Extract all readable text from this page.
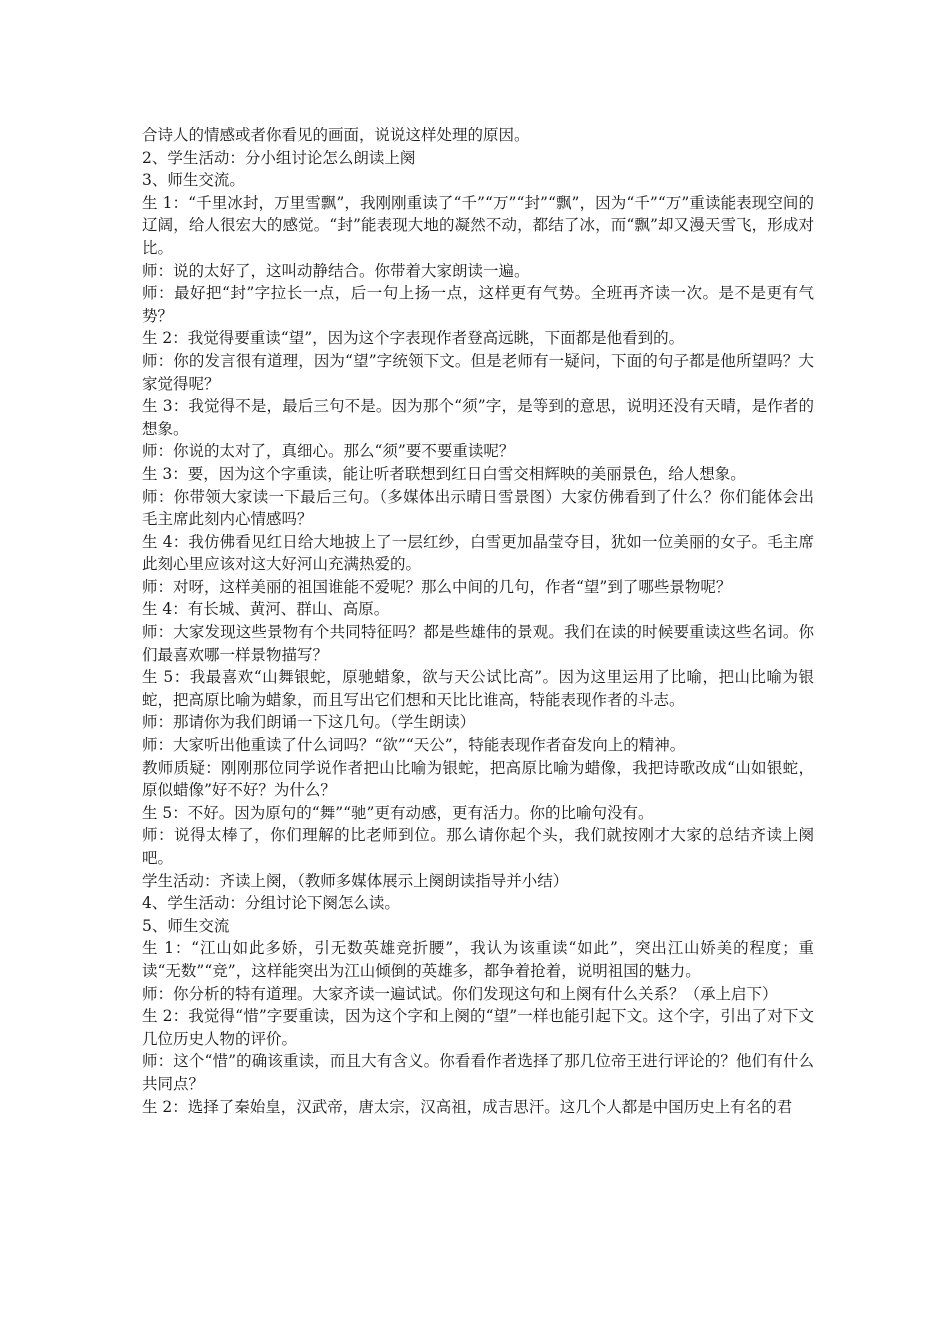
合诗人的情感或者你看见的画面，说说这样处理的原因。

2、学生活动：分小组讨论怎么朗读上阕

3、师生交流。

生 1：“千里冰封，万里雪飘”，我刚刚重读了“千”“万”“封”“飘”，因为“千”“万”重读能表现空间的辽阔，给人很宏大的感觉。“封”能表现大地的凝然不动，都结了冰，而“飘”却又漫天雪飞，形成对比。

师：说的太好了，这叫动静结合。你带着大家朗读一遍。

师：最好把“封”字拉长一点，后一句上扬一点，这样更有气势。全班再齐读一次。是不是更有气势？

生 2：我觉得要重读“望”，因为这个字表现作者登高远眺，下面都是他看到的。

师：你的发言很有道理，因为“望”字统领下文。但是老师有一疑问，下面的句子都是他所望吗？大家觉得呢？

生 3：我觉得不是，最后三句不是。因为那个“须”字，是等到的意思，说明还没有天晴，是作者的想象。

师：你说的太对了，真细心。那么“须”要不要重读呢？

生 3：要，因为这个字重读，能让听者联想到红日白雪交相辉映的美丽景色，给人想象。

师：你带领大家读一下最后三句。（多媒体出示晴日雪景图）大家仿佛看到了什么？你们能体会出毛主席此刻内心情感吗？

生 4：我仿佛看见红日给大地披上了一层红纱，白雪更加晶莹夺目，犹如一位美丽的女子。毛主席此刻心里应该对这大好河山充满热爱的。

师：对呀，这样美丽的祖国谁能不爱呢？那么中间的几句，作者“望”到了哪些景物呢？

生 4：有长城、黄河、群山、高原。

师：大家发现这些景物有个共同特征吗？都是些雄伟的景观。我们在读的时候要重读这些名词。你们最喜欢哪一样景物描写？

生 5：我最喜欢“山舞银蛇，原驰蜡象，欲与天公试比高”。因为这里运用了比喻，把山比喻为银蛇，把高原比喻为蜡象，而且写出它们想和天比比谁高，特能表现作者的斗志。

师：那请你为我们朗诵一下这几句。（学生朗读）

师：大家听出他重读了什么词吗？“欲”“天公”，特能表现作者奋发向上的精神。

教师质疑：刚刚那位同学说作者把山比喻为银蛇，把高原比喻为蜡像，我把诗歌改成“山如银蛇，原似蜡像”好不好？为什么？

生 5：不好。因为原句的“舞”“驰”更有动感，更有活力。你的比喻句没有。

师：说得太棒了，你们理解的比老师到位。那么请你起个头，我们就按刚才大家的总结齐读上阕吧。

学生活动：齐读上阕，（教师多媒体展示上阕朗读指导并小结）

4、学生活动：分组讨论下阕怎么读。

5、师生交流

生 1：“江山如此多娇，引无数英雄竞折腰”，我认为该重读“如此”，突出江山娇美的程度；重读“无数”“竞”，这样能突出为江山倾倒的英雄多，都争着抢着，说明祖国的魅力。

师：你分析的特有道理。大家齐读一遍试试。你们发现这句和上阕有什么关系？（承上启下）

生 2：我觉得“惜”字要重读，因为这个字和上阕的“望”一样也能引起下文。这个字，引出了对下文几位历史人物的评价。

师：这个“惜”的确该重读，而且大有含义。你看看作者选择了那几位帝王进行评论的？他们有什么共同点？

生 2：选择了秦始皇，汉武帝，唐太宗，汉高祖，成吉思汗。这几个人都是中国历史上有名的君
